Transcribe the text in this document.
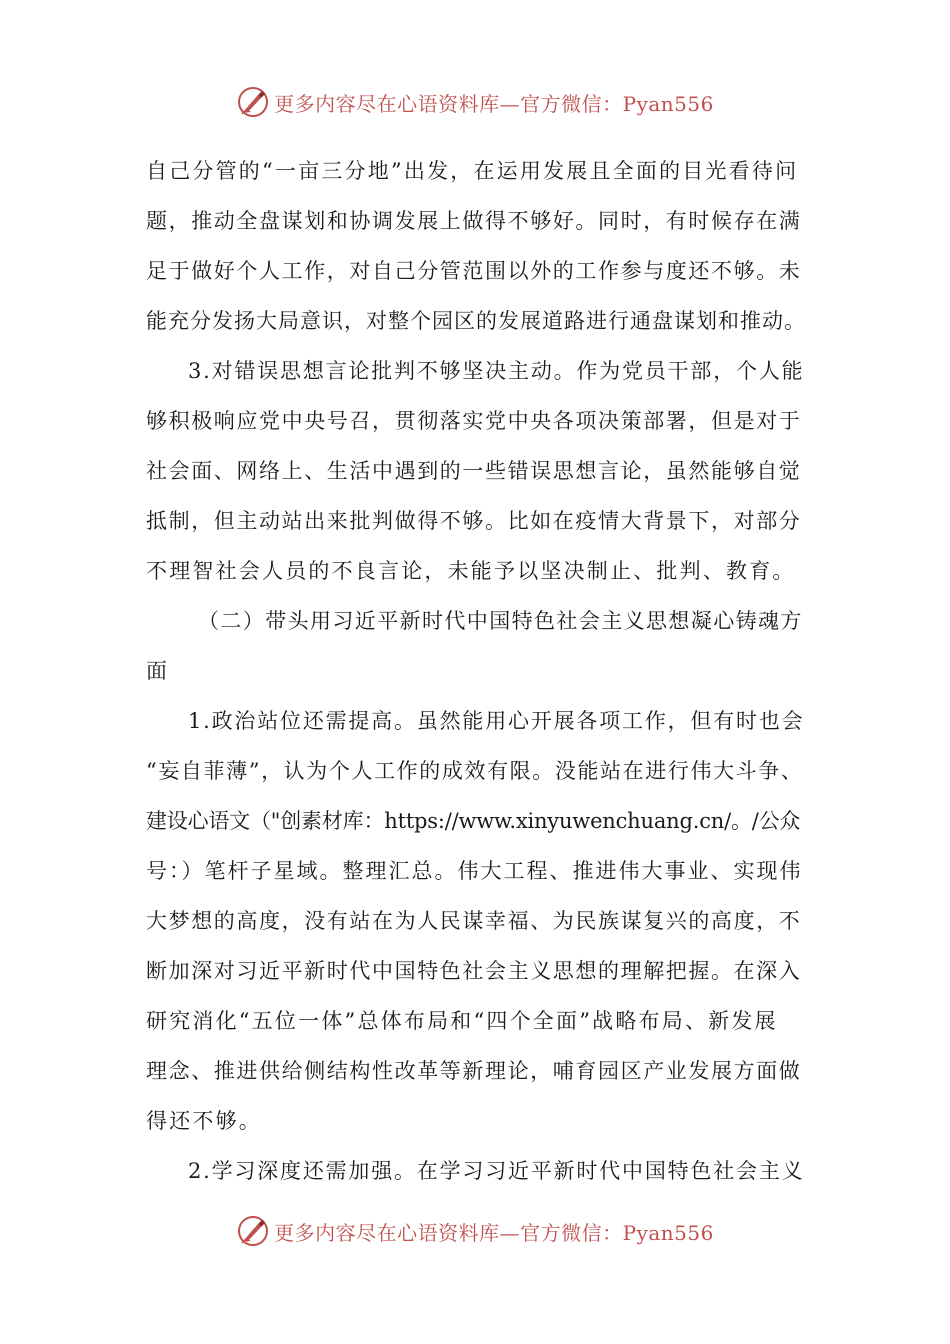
更多内容尽在心语资料库—官方微信：Pyan556
自己分管的“一亩三分地”出发，在运用发展且全面的目光看待问
题，推动全盘谋划和协调发展上做得不够好。同时，有时候存在满
足于做好个人工作，对自己分管范围以外的工作参与度还不够。未
能充分发扬大局意识，对整个园区的发展道路进行通盘谋划和推动。
3.对错误思想言论批判不够坚决主动。作为党员干部，个人能
够积极响应党中央号召，贯彻落实党中央各项决策部署，但是对于
社会面、网络上、生活中遇到的一些错误思想言论，虽然能够自觉
抵制，但主动站出来批判做得不够。比如在疫情大背景下，对部分
不理智社会人员的不良言论，未能予以坚决制止、批判、教育。
（二）带头用习近平新时代中国特色社会主义思想凝心铸魂方
面
1.政治站位还需提高。虽然能用心开展各项工作，但有时也会
“妄自菲薄”，认为个人工作的成效有限。没能站在进行伟大斗争、
建设心语文（"创素材库：https://www.xinyuwenchuang.cn/。/公众
号：）笔杆子星域。整理汇总。伟大工程、推进伟大事业、实现伟
大梦想的高度，没有站在为人民谋幸福、为民族谋复兴的高度，不
断加深对习近平新时代中国特色社会主义思想的理解把握。在深入
研究消化“五位一体”总体布局和“四个全面”战略布局、新发展
理念、推进供给侧结构性改革等新理论，哺育园区产业发展方面做
得还不够。
2.学习深度还需加强。在学习习近平新时代中国特色社会主义
更多内容尽在心语资料库—官方微信：Pyan556
